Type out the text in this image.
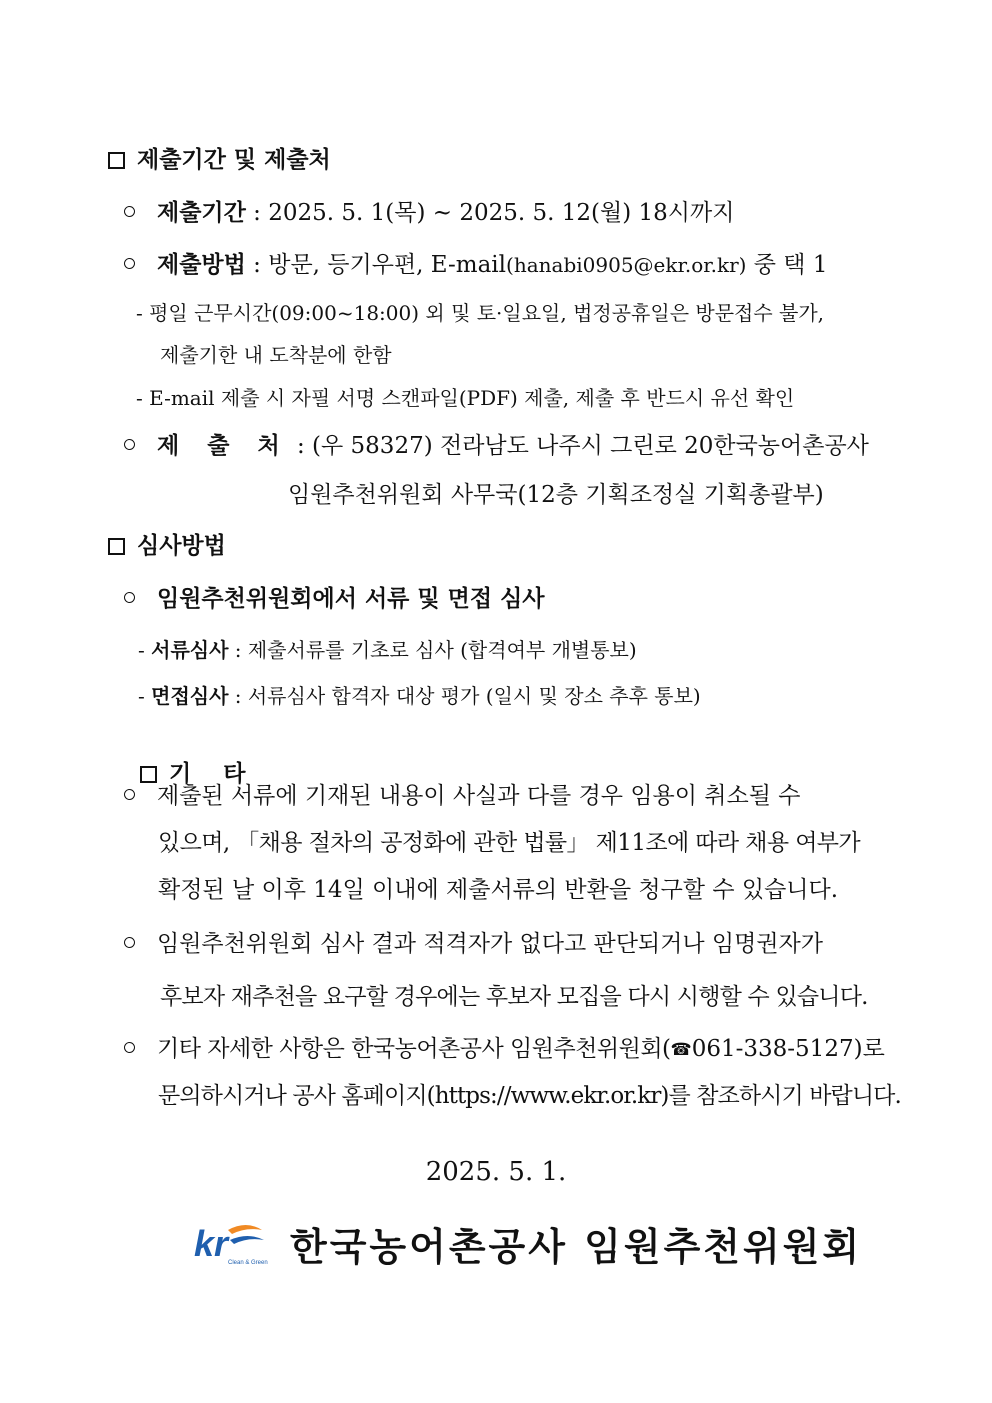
제출기간 및 제출처
제출기간 : 2025. 5. 1(목) ~ 2025. 5. 12(월) 18시까지
제출방법 : 방문, 등기우편, E-mail(hanabi0905@ekr.or.kr) 중 택 1
- 평일 근무시간(09:00~18:00) 외 및 토·일요일, 법정공휴일은 방문접수 불가,
제출기한 내 도착분에 한함
- E-mail 제출 시 자필 서명 스캔파일(PDF) 제출, 제출 후 반드시 유선 확인
제 출 처 : (우 58327) 전라남도 나주시 그린로 20한국농어촌공사
임원추천위원회 사무국(12층 기획조정실 기획총괄부)
심사방법
임원추천위원회에서 서류 및 면접 심사
- 서류심사 : 제출서류를 기초로 심사 (합격여부 개별통보)
- 면접심사 : 서류심사 합격자 대상 평가 (일시 및 장소 추후 통보)

기    타

제출된 서류에 기재된 내용이 사실과 다를 경우 임용이 취소될 수
있으며, 「채용 절차의 공정화에 관한 법률」 제11조에 따라 채용 여부가
확정된 날 이후 14일 이내에 제출서류의 반환을 청구할 수 있습니다.
임원추천위원회 심사 결과 적격자가 없다고 판단되거나 임명권자가
후보자 재추천을 요구할 경우에는 후보자 모집을 다시 시행할 수 있습니다.
기타 자세한 사항은 한국농어촌공사 임원추천위원회(☎061-338-5127)로
문의하시거나 공사 홈페이지(https://www.ekr.or.kr)를 참조하시기 바랍니다.
2025. 5. 1.
kr Clean & Green 한국농어촌공사 임원추천위원회
